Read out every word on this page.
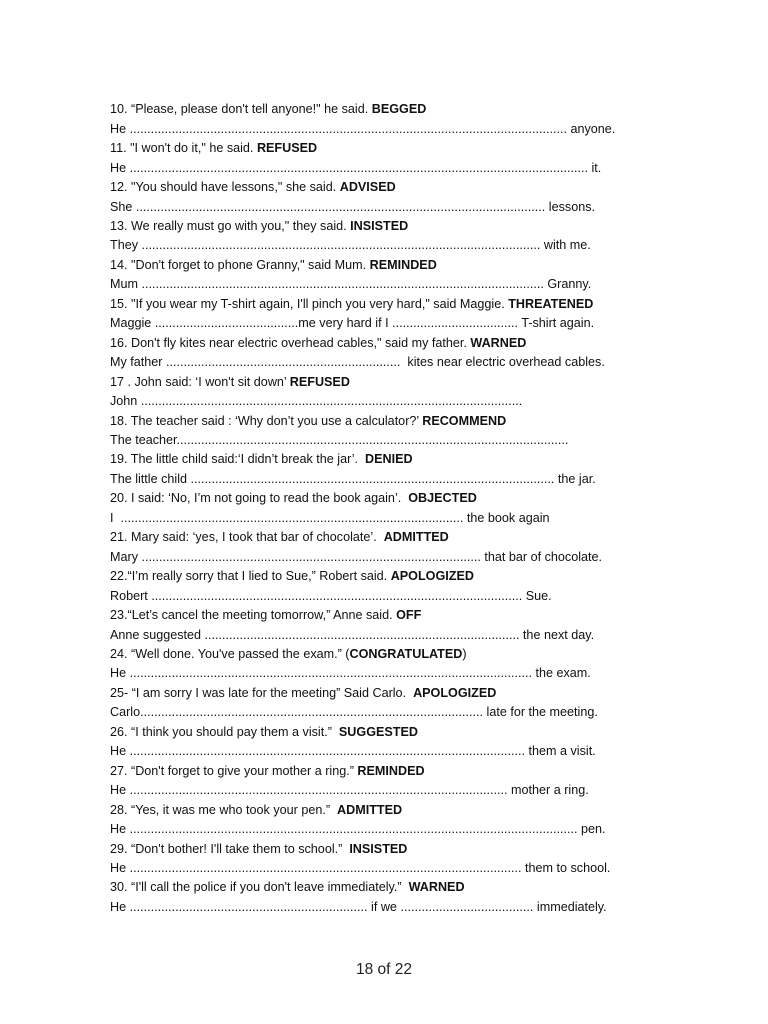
10. “Please, please don't tell anyone!" he said. BEGGED
He ............................................................................................................................. anyone.
11. "I won't do it," he said. REFUSED
He ................................................................................................................................... it.
12. "You should have lessons," she said. ADVISED
She ..................................................................................................................... lessons.
13. We really must go with you," they said. INSISTED
They .................................................................................................................. with me.
14. "Don't forget to phone Granny," said Mum. REMINDED
Mum ................................................................................................................... Granny.
15. "If you wear my T-shirt again, I'll pinch you very hard," said Maggie. THREATENED
Maggie .........................................me very hard if I .................................... T-shirt again.
16. Don't fly kites near electric overhead cables," said my father. WARNED
My father ...................................................................  kites near electric overhead cables.
17 . John said: ‘I won't sit down’ REFUSED
John .............................................................................................................
18. The teacher said : ‘Why don’t you use a calculator?’ RECOMMEND
The teacher................................................................................................................
19. The little child said:‘I didn’t break the jar’.  DENIED
The little child ........................................................................................................ the jar.
20. I said: ‘No, I’m not going to read the book again’.  OBJECTED
I  .................................................................................................. the book again
21. Mary said: ‘yes, I took that bar of chocolate’.  ADMITTED
Mary ................................................................................................. that bar of chocolate.
22.“I’m really sorry that I lied to Sue,” Robert said. APOLOGIZED
Robert .......................................................................................................... Sue.
23.“Let’s cancel the meeting tomorrow,” Anne said. OFF
Anne suggested .......................................................................................... the next day.
24. “Well done. You've passed the exam.” (CONGRATULATED)
He ................................................................................................................... the exam.
25- “I am sorry I was late for the meeting” Said Carlo.  APOLOGIZED
Carlo.................................................................................................. late for the meeting.
26. “I think you should pay them a visit.”  SUGGESTED
He ................................................................................................................. them a visit.
27. “Don't forget to give your mother a ring.” REMINDED
He ............................................................................................................ mother a ring.
28. “Yes, it was me who took your pen.”  ADMITTED
He ................................................................................................................................ pen.
29. “Don't bother! I'll take them to school.”  INSISTED
He ................................................................................................................ them to school.
30. “I'll call the police if you don't leave immediately.”  WARNED
He .................................................................... if we ...................................... immediately.
18 of 22
